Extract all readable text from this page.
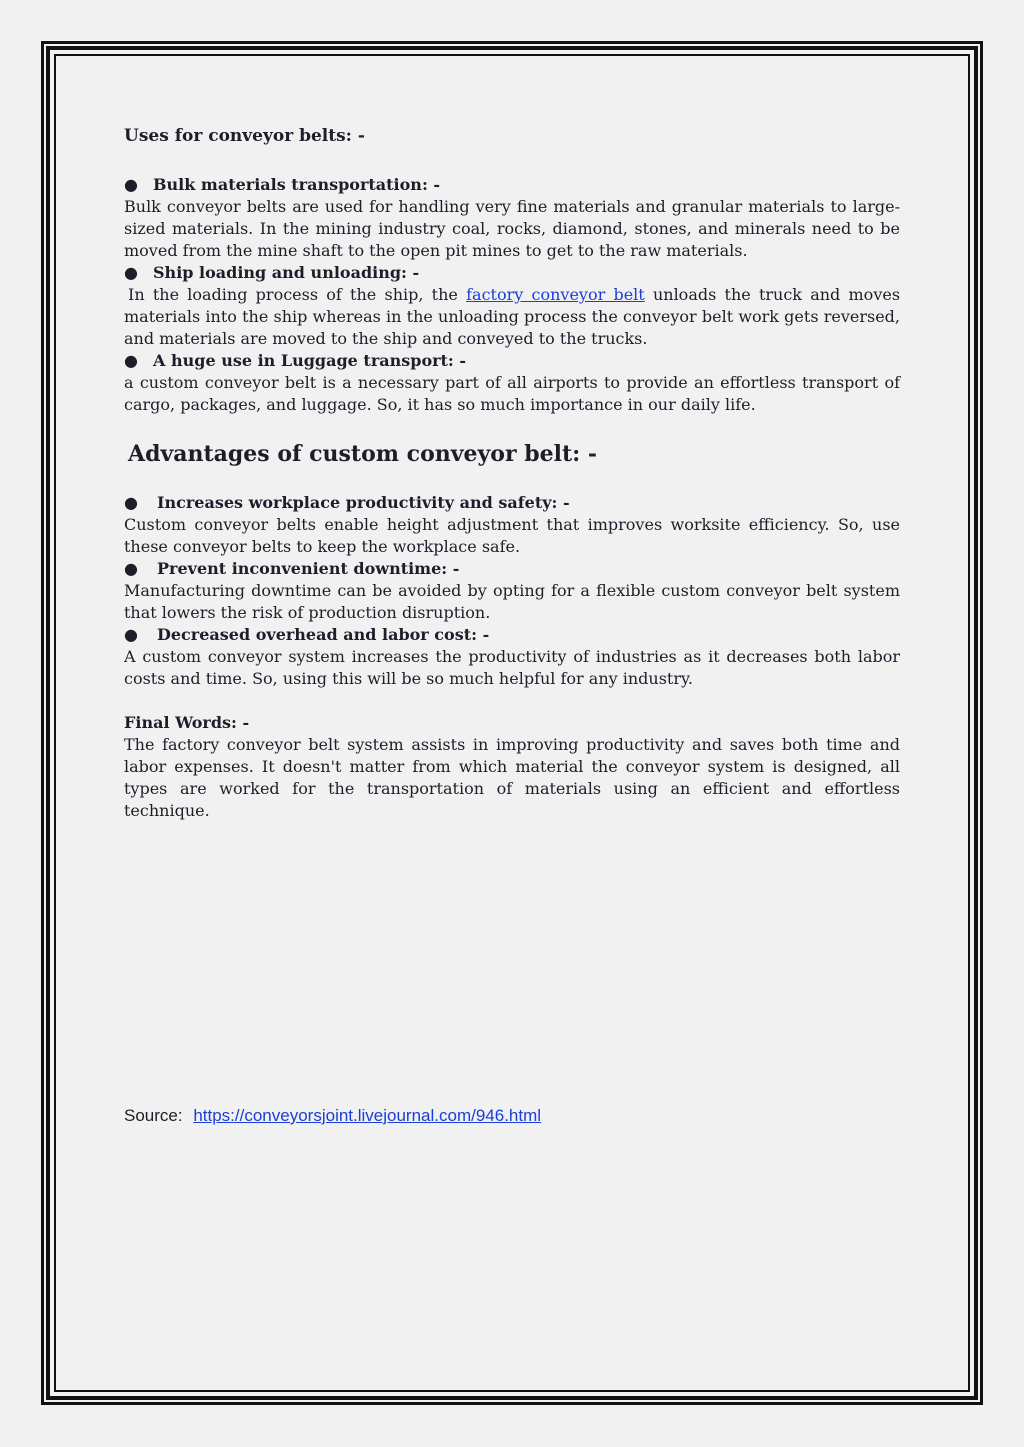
Uses for conveyor belts: -
● Bulk materials transportation: -

Bulk conveyor belts are used for handling very fine materials and granular materials to large-sized materials. In the mining industry coal, rocks, diamond, stones, and minerals need to be moved from the mine shaft to the open pit mines to get to the raw materials.

● Ship loading and unloading: -

In the loading process of the ship, the factory conveyor belt unloads the truck and moves materials into the ship whereas in the unloading process the conveyor belt work gets reversed, and materials are moved to the ship and conveyed to the trucks.

● A huge use in Luggage transport: -

a custom conveyor belt is a necessary part of all airports to provide an effortless transport of cargo, packages, and luggage. So, it has so much importance in our daily life.

Advantages of custom conveyor belt: -
●	Increases workplace productivity and safety: -

Custom conveyor belts enable height adjustment that improves worksite efficiency. So, use these conveyor belts to keep the workplace safe.

●	Prevent inconvenient downtime: -

Manufacturing downtime can be avoided by opting for a flexible custom conveyor belt system that lowers the risk of production disruption.

●	Decreased overhead and labor cost: -

A custom conveyor system increases the productivity of industries as it decreases both labor costs and time. So, using this will be so much helpful for any industry.

Final Words: -

The factory conveyor belt system assists in improving productivity and saves both time and labor expenses. It doesn't matter from which material the conveyor system is designed, all types are worked for the transportation of materials using an efficient and effortless technique.

Source: https://conveyorsjoint.livejournal.com/946.html
